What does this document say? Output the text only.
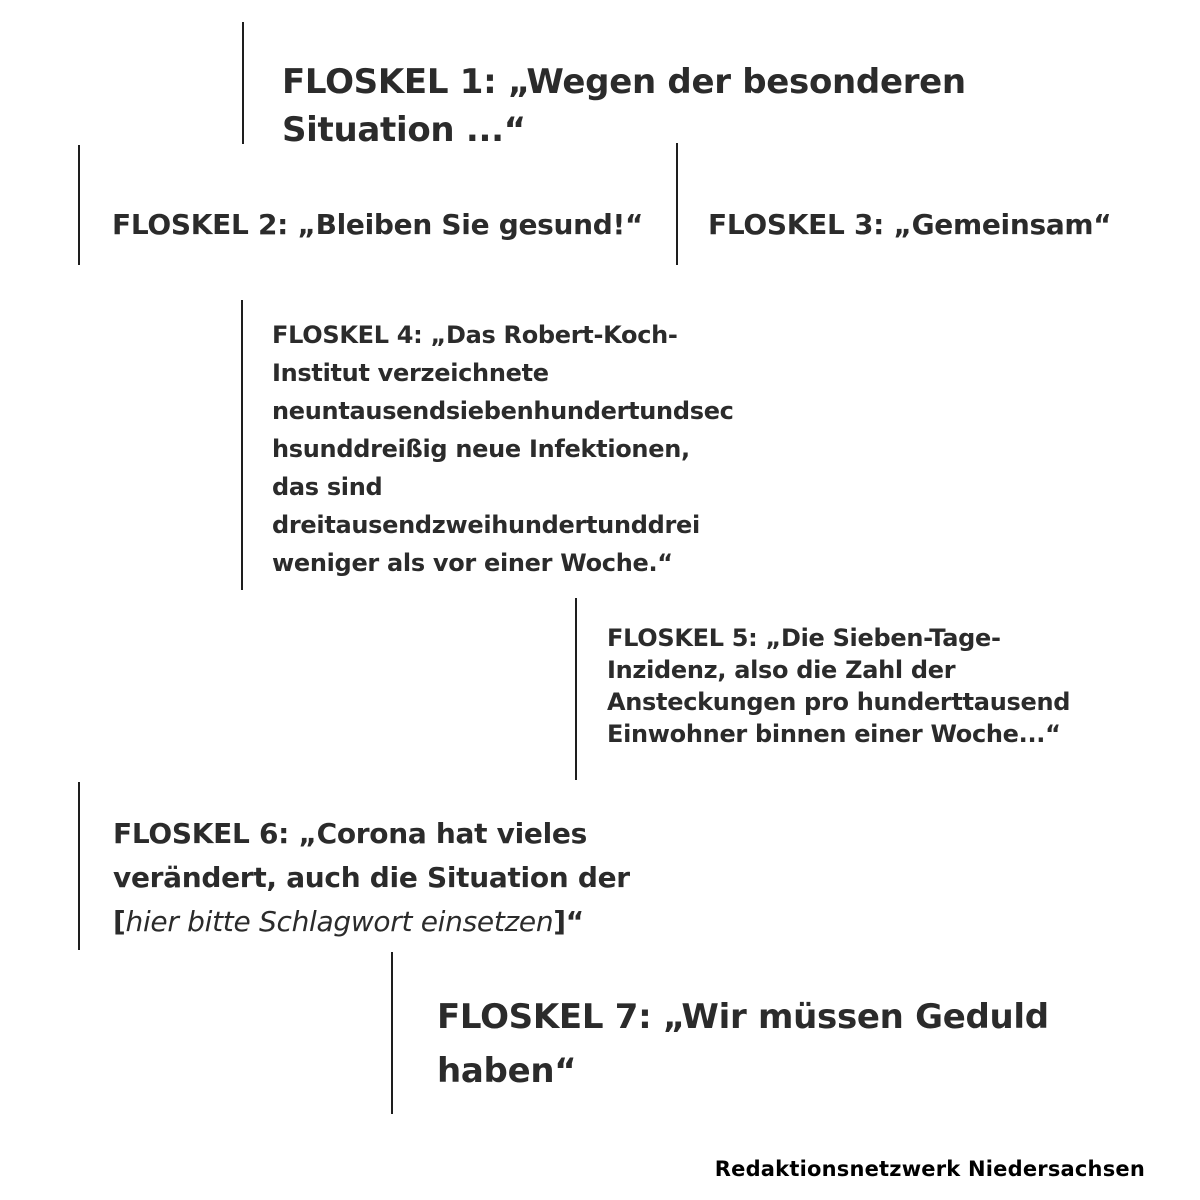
FLOSKEL 1: „Wegen der besonderen
Situation ...“

FLOSKEL 2: „Bleiben Sie gesund!“ FLOSKEL 3: „Gemeinsam“

FLOSKEL 4: „Das Robert-Koch-
Institut verzeichnete
neuntausendsiebenhundertundsec
hsunddreißig neue Infektionen,
das sind
dreitausendzweihundertunddrei
weniger als vor einer Woche.“

FLOSKEL 5: „Die Sieben-Tage-
Inzidenz, also die Zahl der
Ansteckungen pro hunderttausend
Einwohner binnen einer Woche...“

FLOSKEL 6: „Corona hat vieles
verändert, auch die Situation der
[hier bitte Schlagwort einsetzen]“

FLOSKEL 7: „Wir müssen Geduld
haben“

Redaktionsnetzwerk Niedersachsen
